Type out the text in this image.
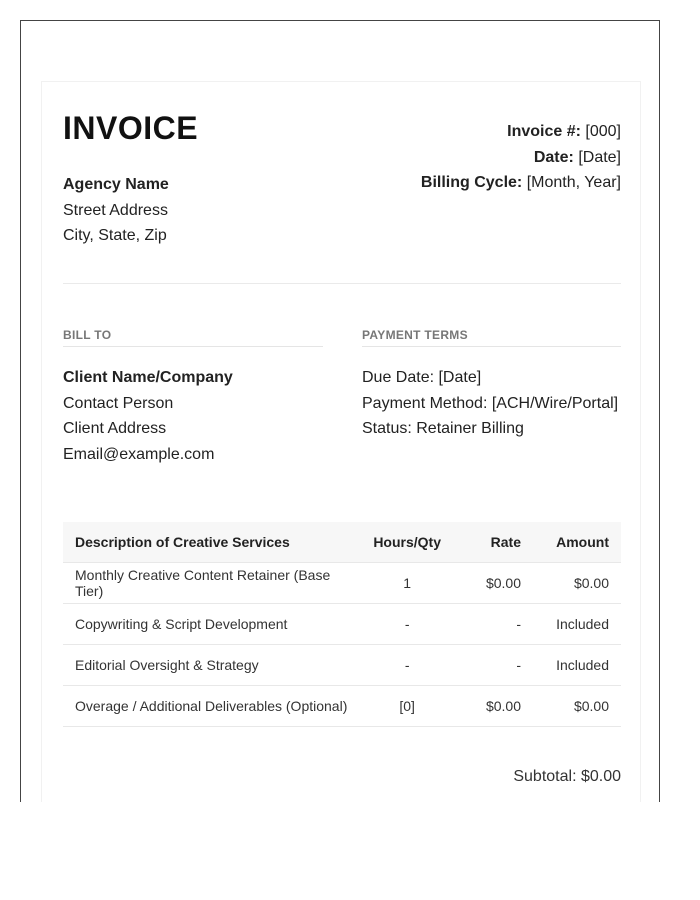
INVOICE
Agency Name
Street Address
City, State, Zip
Invoice #: [000]
Date: [Date]
Billing Cycle: [Month, Year]
BILL TO
Client Name/Company
Contact Person
Client Address
Email@example.com
PAYMENT TERMS
Due Date: [Date]
Payment Method: [ACH/Wire/Portal]
Status: Retainer Billing
Description of Creative Services	Hours/Qty	Rate	Amount
Monthly Creative Content Retainer (Base Tier)	1	$0.00	$0.00
Copywriting & Script Development	-	-	Included
Editorial Oversight & Strategy	-	-	Included
Overage / Additional Deliverables (Optional)	[0]	$0.00	$0.00
Subtotal: $0.00
